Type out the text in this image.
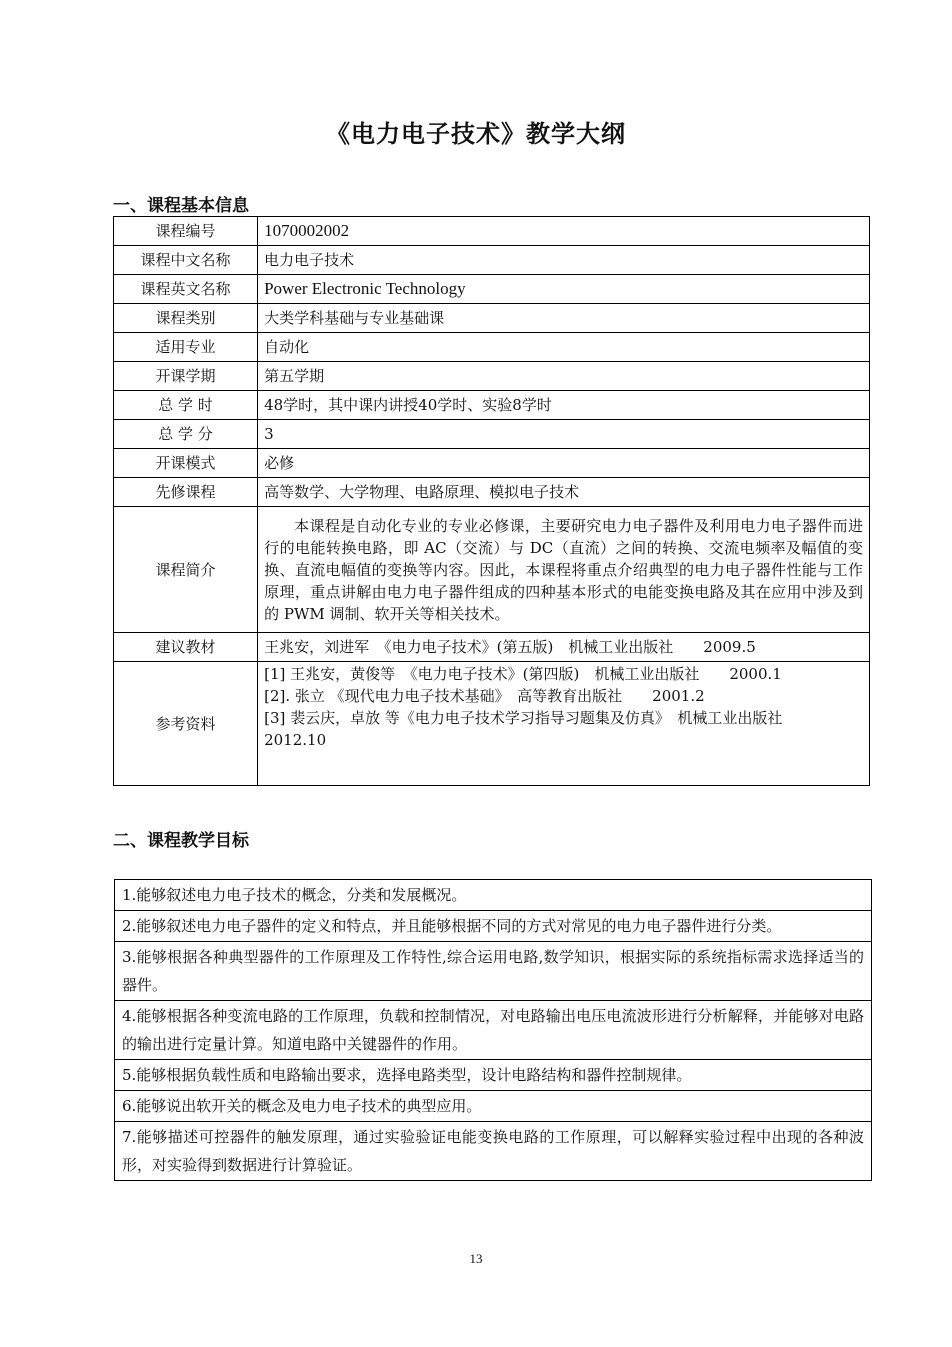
《电力电子技术》教学大纲
一、课程基本信息
课程编号	1070002002
课程中文名称	电力电子技术
课程英文名称	Power Electronic Technology
课程类别	大类学科基础与专业基础课
适用专业	自动化
开课学期	第五学期
总 学 时	48学时，其中课内讲授40学时、实验8学时
总 学 分	3
开课模式	必修
先修课程	高等数学、大学物理、电路原理、模拟电子技术
课程简介	本课程是自动化专业的专业必修课，主要研究电力电子器件及利用电力电子器件而进行的电能转换电路，即 AC（交流）与 DC（直流）之间的转换、交流电频率及幅值的变换、直流电幅值的变换等内容。因此，本课程将重点介绍典型的电力电子器件性能与工作原理，重点讲解由电力电子器件组成的四种基本形式的电能变换电路及其在应用中涉及到的 PWM 调制、软开关等相关技术。
建议教材	王兆安，刘进军　《电力电子技术》(第五版)　机械工业出版社　　2009.5
参考资料	[1] 王兆安，黄俊等　《电力电子技术》(第四版)　机械工业出版社　　2000.1
[2]. 张立 《现代电力电子技术基础》　高等教育出版社　　2001.2
[3] 裴云庆，卓放 等《电力电子技术学习指导习题集及仿真》　机械工业出版社
2012.10
二、课程教学目标
1.能够叙述电力电子技术的概念，分类和发展概况。
2.能够叙述电力电子器件的定义和特点，并且能够根据不同的方式对常见的电力电子器件进行分类。
3.能够根据各种典型器件的工作原理及工作特性,综合运用电路,数学知识，根据实际的系统指标需求选择适当的器件。
4.能够根据各种变流电路的工作原理，负载和控制情况，对电路输出电压电流波形进行分析解释，并能够对电路的输出进行定量计算。知道电路中关键器件的作用。
5.能够根据负载性质和电路输出要求，选择电路类型，设计电路结构和器件控制规律。
6.能够说出软开关的概念及电力电子技术的典型应用。
7.能够描述可控器件的触发原理，通过实验验证电能变换电路的工作原理，可以解释实验过程中出现的各种波形，对实验得到数据进行计算验证。
13
